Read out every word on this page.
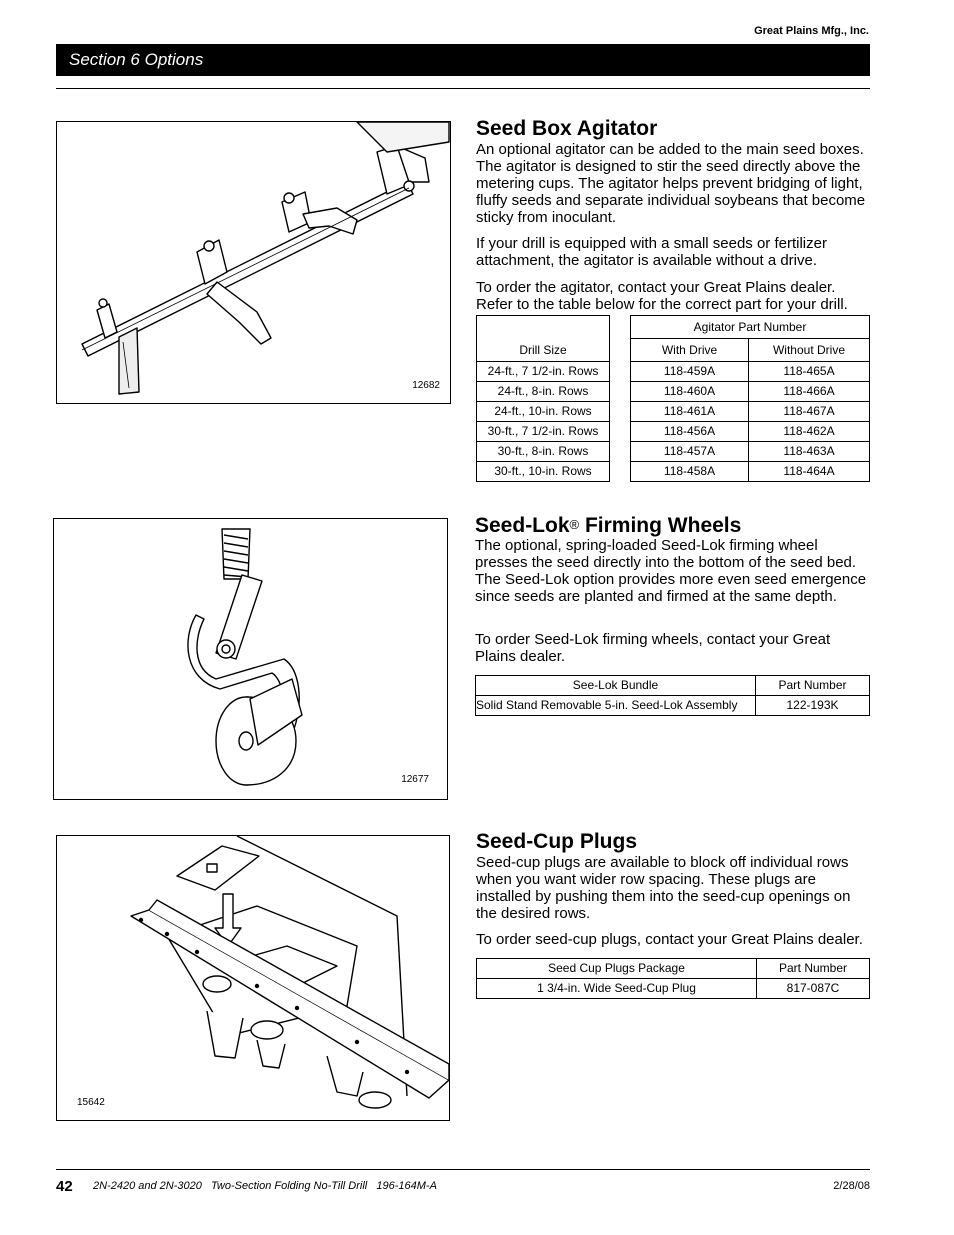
Great Plains Mfg., Inc.
Section 6 Options
12682
Seed Box Agitator

An optional agitator can be added to the main seed boxes. The agitator is designed to stir the seed directly above the metering cups. The agitator helps prevent bridging of light, fluffy seeds and separate individual soybeans that become sticky from inoculant.

If your drill is equipped with a small seeds or fertilizer attachment, the agitator is available without a drive.

To order the agitator, contact your Great Plains dealer. Refer to the table below for the correct part for your drill.

Drill Size		Agitator Part Number	
		With Drive	Without Drive
24-ft., 7 1/2-in. Rows		118-459A	118-465A
24-ft., 8-in. Rows		118-460A	118-466A
24-ft., 10-in. Rows		118-461A	118-467A
30-ft., 7 1/2-in. Rows		118-456A	118-462A
30-ft., 8-in. Rows		118-457A	118-463A
30-ft., 10-in. Rows		118-458A	118-464A
12677
Seed-Lok® Firming Wheels

The optional, spring-loaded Seed-Lok firming wheel presses the seed directly into the bottom of the seed bed. The Seed-Lok option provides more even seed emergence since seeds are planted and firmed at the same depth.

To order Seed-Lok firming wheels, contact your Great Plains dealer.

See-Lok Bundle	Part Number
Solid Stand Removable 5-in. Seed-Lok Assembly	122-193K
15642
Seed-Cup Plugs

Seed-cup plugs are available to block off individual rows when you want wider row spacing. These plugs are installed by pushing them into the seed-cup openings on the desired rows.

To order seed-cup plugs, contact your Great Plains dealer.

Seed Cup Plugs Package	Part Number
1 3/4-in. Wide Seed-Cup Plug	817-087C
42 2N-2420 and 2N-3020   Two-Section Folding No-Till Drill   196-164M-A	2/28/08
